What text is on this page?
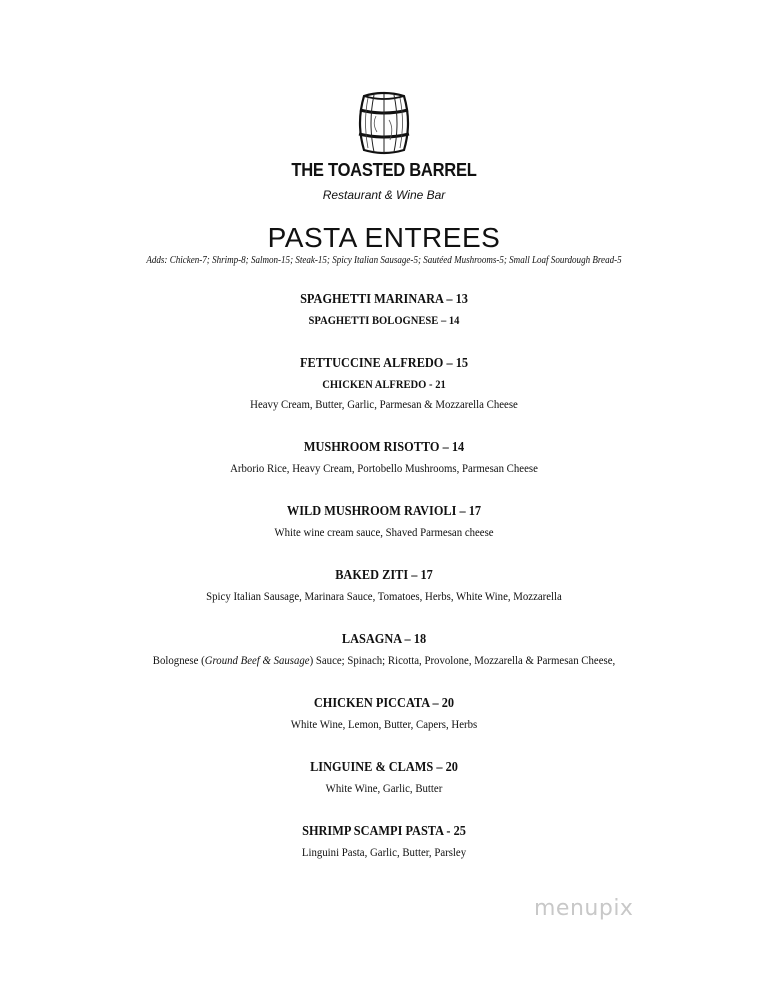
THE TOASTED BARREL
Restaurant & Wine Bar
PASTA ENTREES
Adds: Chicken-7; Shrimp-8; Salmon-15; Steak-15; Spicy Italian Sausage-5; Sautéed Mushrooms-5; Small Loaf Sourdough Bread-5
SPAGHETTI MARINARA – 13
SPAGHETTI BOLOGNESE – 14
FETTUCCINE ALFREDO – 15
CHICKEN ALFREDO - 21
Heavy Cream, Butter, Garlic, Parmesan & Mozzarella Cheese
MUSHROOM RISOTTO – 14
Arborio Rice, Heavy Cream, Portobello Mushrooms, Parmesan Cheese
WILD MUSHROOM RAVIOLI – 17
White wine cream sauce, Shaved Parmesan cheese
BAKED ZITI – 17
Spicy Italian Sausage, Marinara Sauce, Tomatoes, Herbs, White Wine, Mozzarella
LASAGNA – 18
Bolognese (Ground Beef & Sausage) Sauce; Spinach; Ricotta, Provolone, Mozzarella & Parmesan Cheese,
CHICKEN PICCATA – 20
White Wine, Lemon, Butter, Capers, Herbs
LINGUINE & CLAMS – 20
White Wine, Garlic, Butter
SHRIMP SCAMPI PASTA - 25
Linguini Pasta, Garlic, Butter, Parsley
menupix
